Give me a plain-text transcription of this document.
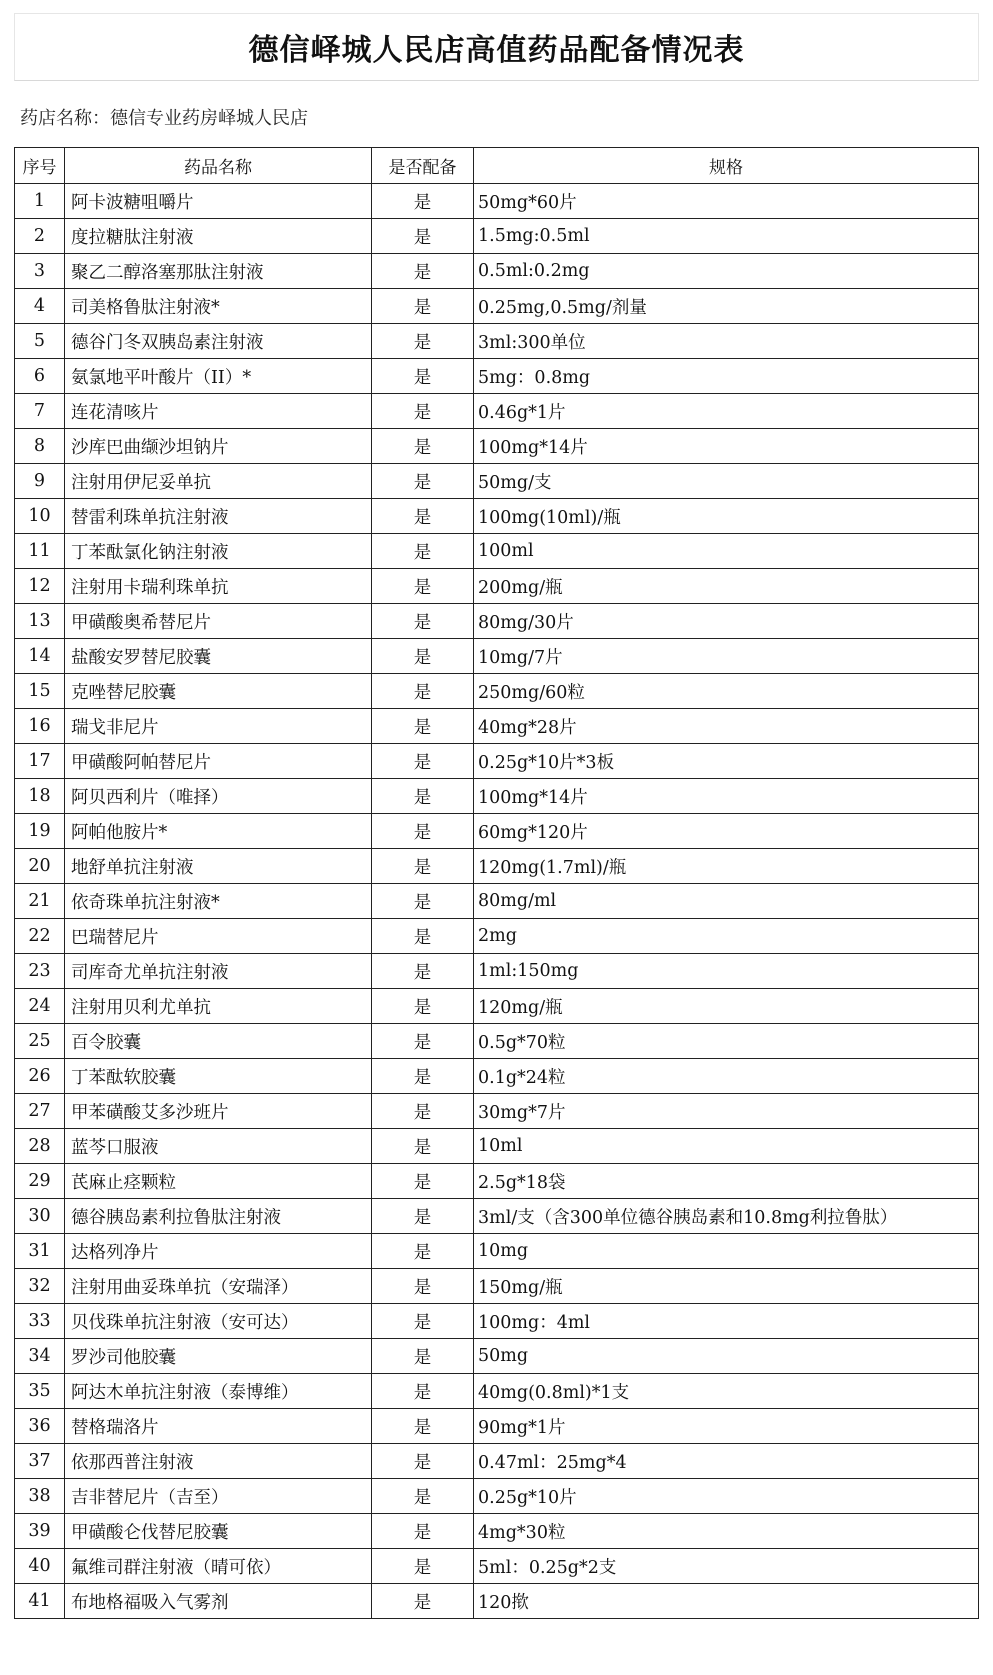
德信峄城人民店高值药品配备情况表
药店名称：德信专业药房峄城人民店
序号	药品名称	是否配备	规格
1	阿卡波糖咀嚼片	是	50mg*60片
2	度拉糖肽注射液	是	1.5mg:0.5ml
3	聚乙二醇洛塞那肽注射液	是	0.5ml:0.2mg
4	司美格鲁肽注射液*	是	0.25mg,0.5mg/剂量
5	德谷门冬双胰岛素注射液	是	3ml:300单位
6	氨氯地平叶酸片（II）*	是	5mg：0.8mg
7	连花清咳片	是	0.46g*1片
8	沙库巴曲缬沙坦钠片	是	100mg*14片
9	注射用伊尼妥单抗	是	50mg/支
10	替雷利珠单抗注射液	是	100mg(10ml)/瓶
11	丁苯酞氯化钠注射液	是	100ml
12	注射用卡瑞利珠单抗	是	200mg/瓶
13	甲磺酸奥希替尼片	是	80mg/30片
14	盐酸安罗替尼胶囊	是	10mg/7片
15	克唑替尼胶囊	是	250mg/60粒
16	瑞戈非尼片	是	40mg*28片
17	甲磺酸阿帕替尼片	是	0.25g*10片*3板
18	阿贝西利片（唯择）	是	100mg*14片
19	阿帕他胺片*	是	60mg*120片
20	地舒单抗注射液	是	120mg(1.7ml)/瓶
21	依奇珠单抗注射液*	是	80mg/ml
22	巴瑞替尼片	是	2mg
23	司库奇尤单抗注射液	是	1ml:150mg
24	注射用贝利尤单抗	是	120mg/瓶
25	百令胶囊	是	0.5g*70粒
26	丁苯酞软胶囊	是	0.1g*24粒
27	甲苯磺酸艾多沙班片	是	30mg*7片
28	蓝芩口服液	是	10ml
29	芪麻止痉颗粒	是	2.5g*18袋
30	德谷胰岛素利拉鲁肽注射液	是	3ml/支（含300单位德谷胰岛素和10.8mg利拉鲁肽）
31	达格列净片	是	10mg
32	注射用曲妥珠单抗（安瑞泽）	是	150mg/瓶
33	贝伐珠单抗注射液（安可达）	是	100mg：4ml
34	罗沙司他胶囊	是	50mg
35	阿达木单抗注射液（泰博维）	是	40mg(0.8ml)*1支
36	替格瑞洛片	是	90mg*1片
37	依那西普注射液	是	0.47ml：25mg*4
38	吉非替尼片（吉至）	是	0.25g*10片
39	甲磺酸仑伐替尼胶囊	是	4mg*30粒
40	氟维司群注射液（晴可依）	是	5ml：0.25g*2支
41	布地格福吸入气雾剂	是	120揿
